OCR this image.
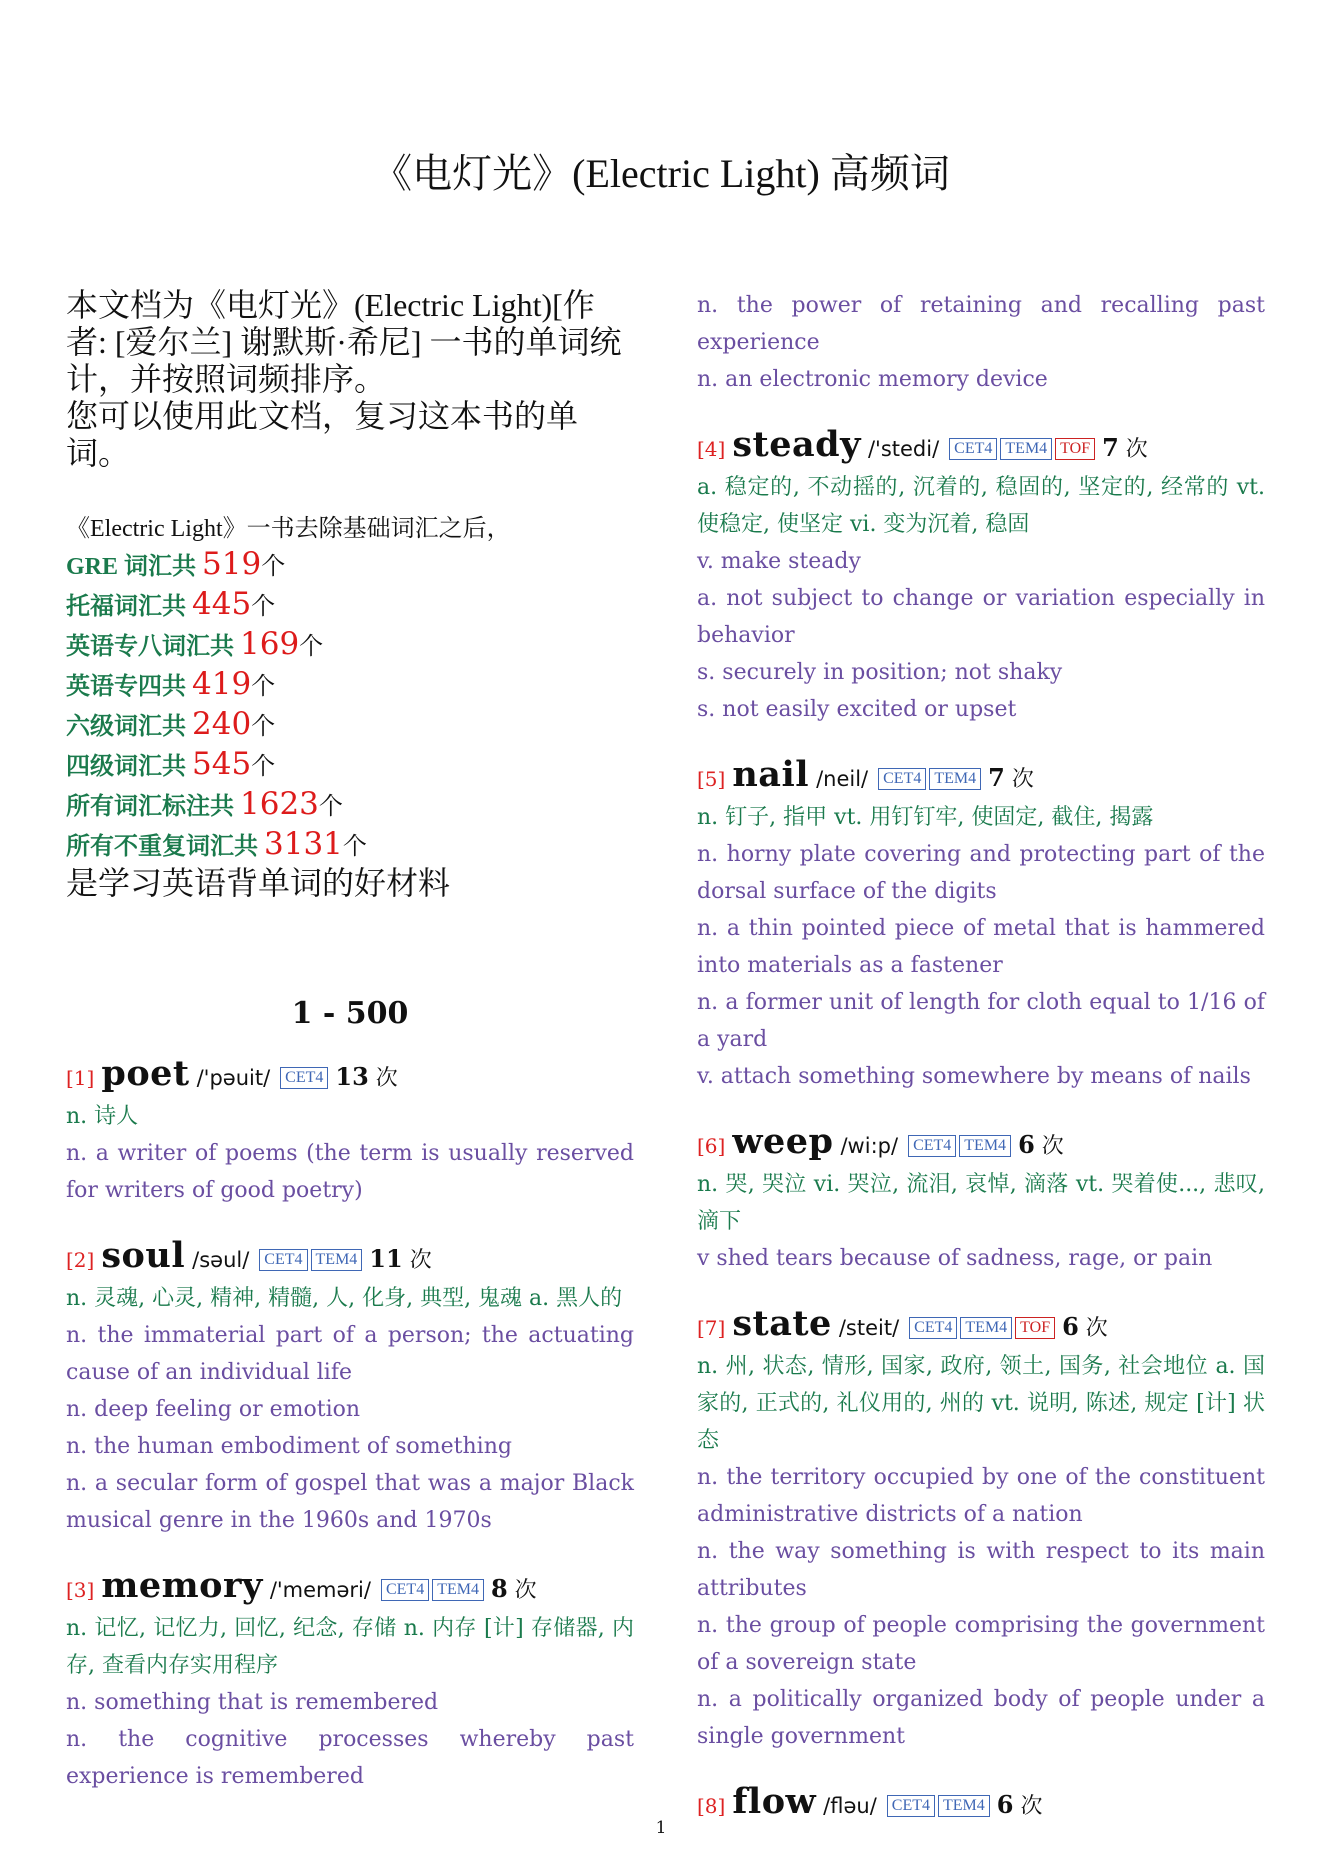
《电灯光》(Electric Light) 高频词
本文档为《电灯光》(Electric Light)[作者: [爱尔兰] 谢默斯·希尼] 一书的单词统计，并按照词频排序。
您可以使用此文档，复习这本书的单词。
《Electric Light》一书去除基础词汇之后，
GRE 词汇共 519个
托福词汇共 445个
英语专八词汇共 169个
英语专四共 419个
六级词汇共 240个
四级词汇共 545个
所有词汇标注共 1623个
所有不重复词汇共 3131个
是学习英语背单词的好材料
1 - 500
[1] poet /'pəuit/ CET4 13 次
n. 诗人
n. a writer of poems (the term is usually reserved for writers of good poetry)
[2] soul /səul/ CET4 TEM4 11 次
n. 灵魂, 心灵, 精神, 精髓, 人, 化身, 典型, 鬼魂 a. 黑人的
n. the immaterial part of a person; the actuating cause of an individual life
n. deep feeling or emotion
n. the human embodiment of something
n. a secular form of gospel that was a major Black musical genre in the 1960s and 1970s
[3] memory /'meməri/ CET4 TEM4 8 次
n. 记忆, 记忆力, 回忆, 纪念, 存储 n. 内存 [计] 存储器, 内存, 查看内存实用程序
n. something that is remembered
n. the cognitive processes whereby past experience is remembered
n. the power of retaining and recalling past experience
n. an electronic memory device
[4] steady /'stedi/ CET4 TEM4 TOF 7 次
a. 稳定的, 不动摇的, 沉着的, 稳固的, 坚定的, 经常的 vt. 使稳定, 使坚定 vi. 变为沉着, 稳固
v. make steady
a. not subject to change or variation especially in behavior
s. securely in position; not shaky
s. not easily excited or upset
[5] nail /neil/ CET4 TEM4 7 次
n. 钉子, 指甲 vt. 用钉钉牢, 使固定, 截住, 揭露
n. horny plate covering and protecting part of the dorsal surface of the digits
n. a thin pointed piece of metal that is hammered into materials as a fastener
n. a former unit of length for cloth equal to 1/16 of a yard
v. attach something somewhere by means of nails
[6] weep /wi:p/ CET4 TEM4 6 次
n. 哭, 哭泣 vi. 哭泣, 流泪, 哀悼, 滴落 vt. 哭着使..., 悲叹, 滴下
v shed tears because of sadness, rage, or pain
[7] state /steit/ CET4 TEM4 TOF 6 次
n. 州, 状态, 情形, 国家, 政府, 领土, 国务, 社会地位 a. 国家的, 正式的, 礼仪用的, 州的 vt. 说明, 陈述, 规定 [计] 状态
n. the territory occupied by one of the constituent administrative districts of a nation
n. the way something is with respect to its main attributes
n. the group of people comprising the government of a sovereign state
n. a politically organized body of people under a single government
[8] flow /fləu/ CET4 TEM4 6 次
1
